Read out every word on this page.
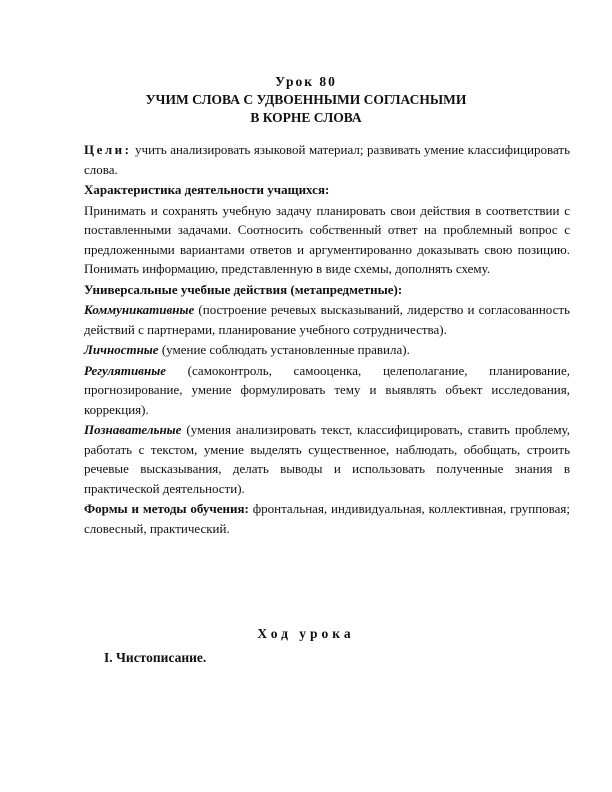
Урок 80
УЧИМ СЛОВА С УДВОЕННЫМИ СОГЛАСНЫМИ
В КОРНЕ СЛОВА

Цели: учить анализировать языковой материал; развивать умение классифицировать слова.

Характеристика деятельности учащихся:

Принимать и сохранять учебную задачу планировать свои действия в соответствии с поставленными задачами. Соотносить собственный ответ на проблемный вопрос с предложенными вариантами ответов и аргументированно доказывать свою позицию. Понимать информацию, представленную в виде схемы, дополнять схему.

Универсальные учебные действия (метапредметные):

Коммуникативные (построение речевых высказываний, лидерство и согласованность действий с партнерами, планирование учебного сотрудничества).

Личностные (умение соблюдать установленные правила).

Регулятивные (самоконтроль, самооценка, целеполагание, планирование, прогнозирование, умение формулировать тему и выявлять объект исследования, коррекция).

Познавательные (умения анализировать текст, классифицировать, ставить проблему, работать с текстом, умение выделять существенное, наблюдать, обобщать, строить речевые высказывания, делать выводы и использовать полученные знания в практической деятельности).

Формы и методы обучения: фронтальная, индивидуальная, коллективная, групповая; словесный, практический.

Ход урока
I. Чистописание.
